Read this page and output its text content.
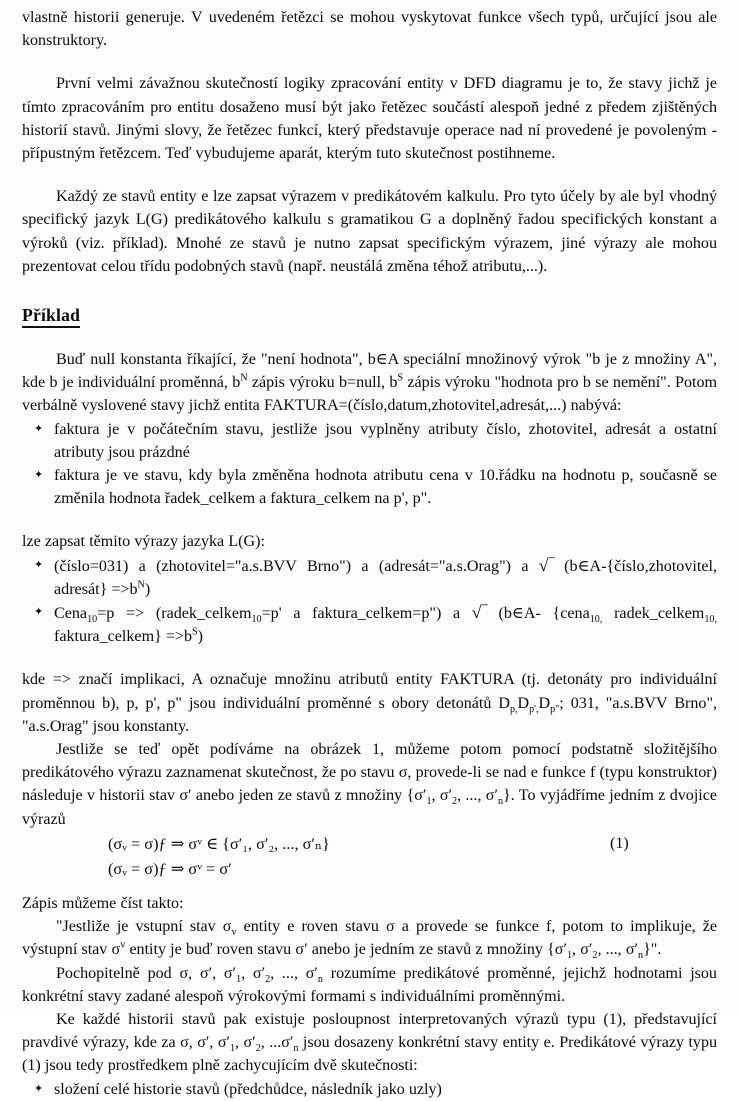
vlastně historii generuje. V uvedeném řetězci se mohou vyskytovat funkce všech typů, určující jsou ale konstruktory.

První velmi závažnou skutečností logiky zpracování entity v DFD diagramu je to, že stavy jichž je tímto zpracováním pro entitu dosaženo musí být jako řetězec součástí alespoň jedné z předem zjištěných historií stavů. Jinými slovy, že řetězec funkcí, který představuje operace nad ní provedené je povoleným - přípustným řetězcem. Teď vybudujeme aparát, kterým tuto skutečnost postihneme.

Každý ze stavů entity e lze zapsat výrazem v predikátovém kalkulu. Pro tyto účely by ale byl vhodný specifický jazyk L(G) predikátového kalkulu s gramatikou G a doplněný řadou specifických konstant a výroků (viz. příklad). Mnohé ze stavů je nutno zapsat specifickým výrazem, jiné výrazy ale mohou prezentovat celou třídu podobných stavů (např. neustálá změna téhož atributu,...).

Příklad

Buď null konstanta říkající, že "není hodnota", b∈A speciální množinový výrok "b je z množiny A", kde b je individuální proměnná, $b^N$ zápis výroku b=null, $b^S$ zápis výroku "hodnota pro b se nemění". Potom verbálně vyslovené stavy jichž entita FAKTURA=(číslo,datum,zhotovitel,adresát,...) nabývá:

✦ faktura je v počátečním stavu, jestliže jsou vyplněny atributy číslo, zhotovitel, adresát a ostatní atributy jsou prázdné
✦ faktura je ve stavu, kdy byla změněna hodnota atributu cena v 10.řádku na hodnotu p, současně se změnila hodnota řadek_celkem a faktura_celkem na p', p".

lze zapsat těmito výrazy jazyka L(G):

✦ (číslo=031) a (zhotovitel="a.s.BVV Brno") a (adresát="a.s.Orag") a √‾ (b∈A-{číslo,zhotovitel, adresát} $=>b^N$)
✦ Cena$_{10}$=p => (radek_celkem$_{10}$=p' a faktura_celkem=p") a √‾ (b∈A- {cena$_{10,}$ radek_celkem$_{10,}$ faktura_celkem} $=>b^S$)

kde => značí implikaci, A označuje množinu atributů entity FAKTURA (tj. detonáty pro individuální proměnnou b), p, p', p" jsou individuální proměnné s obory detonátů $D_{p,}D_{p',}D_{p"}$; 031, "a.s.BVV Brno", "a.s.Orag" jsou konstanty.

Jestliže se teď opět podíváme na obrázek 1, můžeme potom pomocí podstatně složitějšího predikátového výrazu zaznamenat skutečnost, že po stavu σ, provede-li se nad e funkce f (typu konstruktor) následuje v historii stav σ′ anebo jeden ze stavů z množiny {$\sigma'_1$, $\sigma'_2$, ..., $\sigma'_n$}. To vyjádříme jedním z dvojice výrazů

(σᵥ = σ)ƒ ⇒ σᵛ ∈ {σ′₁, σ′₂, ..., σ′ₙ}	(1)
(σᵥ = σ)ƒ ⇒ σᵛ = σ′

Zápis můžeme číst takto:

"Jestliže je vstupní stav $\sigma_v$ entity e roven stavu σ a provede se funkce f, potom to implikuje, že výstupní stav $\sigma^v$ entity je buď roven stavu σ′ anebo je jedním ze stavů z množiny {$\sigma'_1$, $\sigma'_2$, ..., $\sigma'_n$}".

Pochopitelně pod σ, σ′, $\sigma'_1$, $\sigma'_2$, ..., $\sigma'_n$ rozumíme predikátové proměnné, jejichž hodnotami jsou konkrétní stavy zadané alespoň výrokovými formami s individuálními proměnnými.

Ke každé historii stavů pak existuje posloupnost interpretovaných výrazů typu (1), představující pravdivé výrazy, kde za σ, σ′, $\sigma'_1$, $\sigma'_2$, $...\sigma'_n$ jsou dosazeny konkrétní stavy entity e. Predikátové výrazy typu (1) jsou tedy prostředkem plně zachycujícím dvě skutečnosti:

✦ složení celé historie stavů (předchůdce, následník jako uzly)
